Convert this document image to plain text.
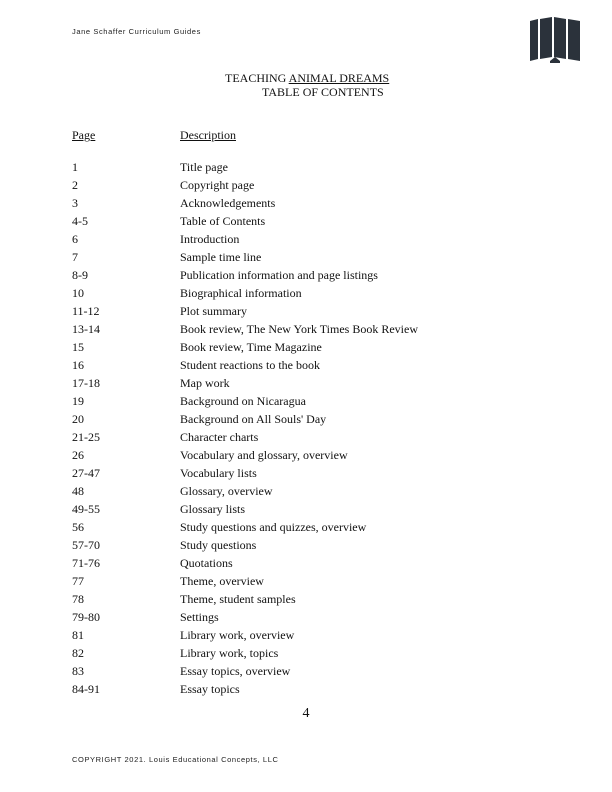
Jane Schaffer Curriculum Guides
TEACHING ANIMAL DREAMS
TABLE OF CONTENTS
Page	Description
1	Title page
2	Copyright page
3	Acknowledgements
4-5	Table of Contents
6	Introduction
7	Sample time line
8-9	Publication information and page listings
10	Biographical information
11-12	Plot summary
13-14	Book review, The New York Times Book Review
15	Book review, Time Magazine
16	Student reactions to the book
17-18	Map work
19	Background on Nicaragua
20	Background on All Souls' Day
21-25	Character charts
26	Vocabulary and glossary, overview
27-47	Vocabulary lists
48	Glossary, overview
49-55	Glossary lists
56	Study questions and quizzes, overview
57-70	Study questions
71-76	Quotations
77	Theme, overview
78	Theme, student samples
79-80	Settings
81	Library work, overview
82	Library work, topics
83	Essay topics, overview
84-91	Essay topics
4
COPYRIGHT 2021. Louis Educational Concepts, LLC
